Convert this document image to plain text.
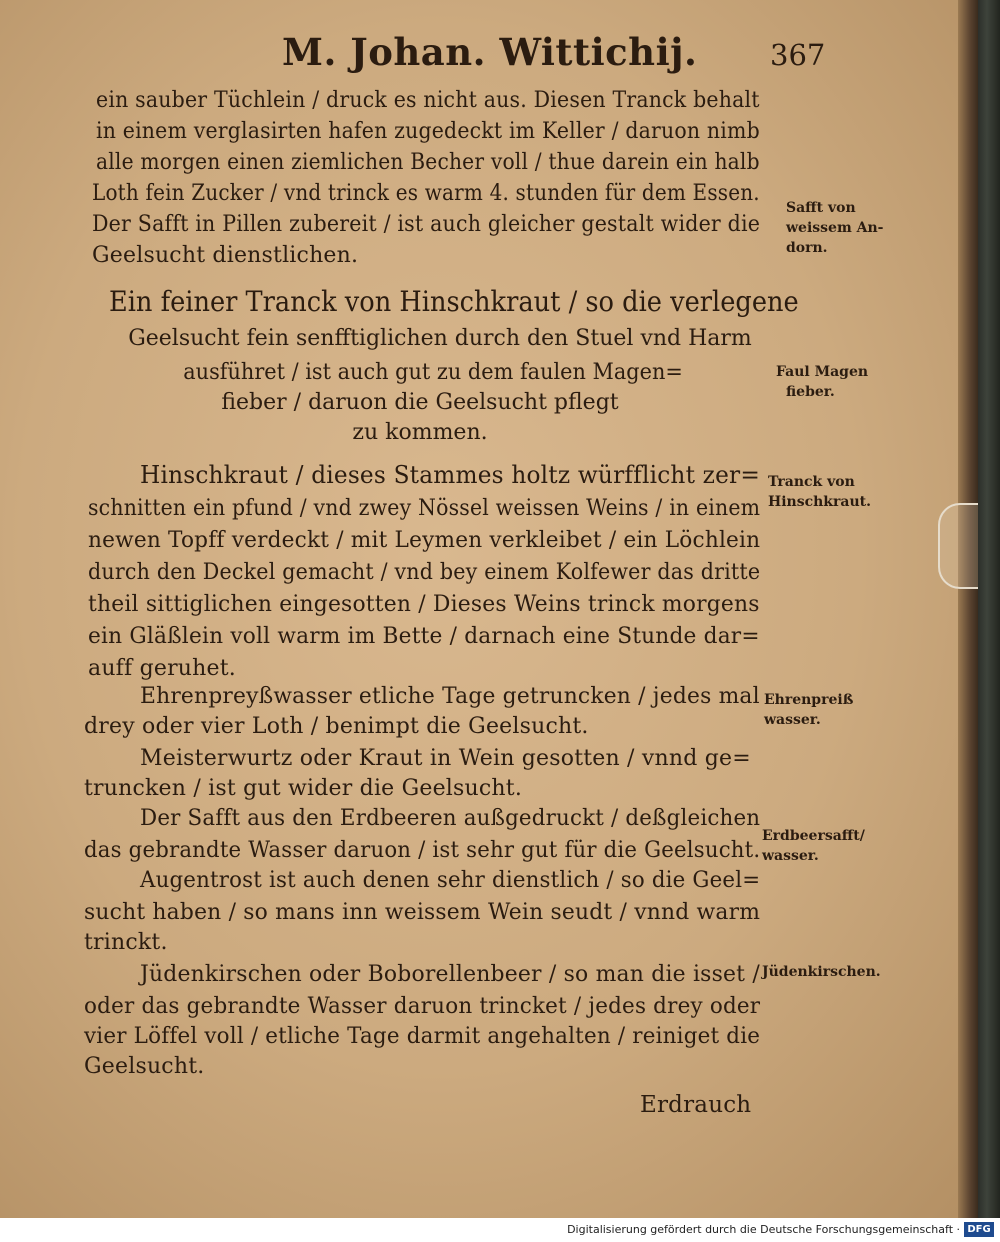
M. Johan. Wittichij.	367
ein sauber Tüchlein / druck es nicht aus. Diesen Tranck behalt
in einem verglasirten hafen zugedeckt im Keller / daruon nimb
alle morgen einen ziemlichen Becher voll / thue darein ein halb
Loth fein Zucker / vnd trinck es warm 4. stunden für dem Essen.
Der Safft in Pillen zubereit / ist auch gleicher gestalt wider die
Geelsucht dienstlichen.
Ein feiner Tranck von Hinschkraut / so die verlegene
Geelsucht fein senfftiglichen durch den Stuel vnd Harm
ausführet / ist auch gut zu dem faulen Magen=
fieber / daruon die Geelsucht pflegt
zu kommen.
Hinschkraut / dieses Stammes holtz würfflicht zer=
schnitten ein pfund / vnd zwey Nössel weissen Weins / in einem
newen Topff verdeckt / mit Leymen verkleibet / ein Löchlein
durch den Deckel gemacht / vnd bey einem Kolfewer das dritte
theil sittiglichen eingesotten / Dieses Weins trinck morgens
ein Gläßlein voll warm im Bette / darnach eine Stunde dar=
auff geruhet.
Ehrenpreyßwasser etliche Tage getruncken / jedes mal
drey oder vier Loth / benimpt die Geelsucht.
Meisterwurtz oder Kraut in Wein gesotten / vnnd ge=
truncken / ist gut wider die Geelsucht.
Der Safft aus den Erdbeeren außgedruckt / deßgleichen
das gebrandte Wasser daruon / ist sehr gut für die Geelsucht.
Augentrost ist auch denen sehr dienstlich / so die Geel=
sucht haben / so mans inn weissem Wein seudt / vnnd warm
trinckt.
Jüdenkirschen oder Boborellenbeer / so man die isset /
oder das gebrandte Wasser daruon trincket / jedes drey oder
vier Löffel voll / etliche Tage darmit angehalten / reiniget die
Geelsucht.
Erdrauch
Safft von
weissem An-
dorn.
Faul Magen
fieber.
Tranck von
Hinschkraut.
Ehrenpreiß
wasser.
Erdbeersafft/
wasser.
Jüdenkirschen.
Digitalisierung gefördert durch die Deutsche Forschungsgemeinschaft · DFG
